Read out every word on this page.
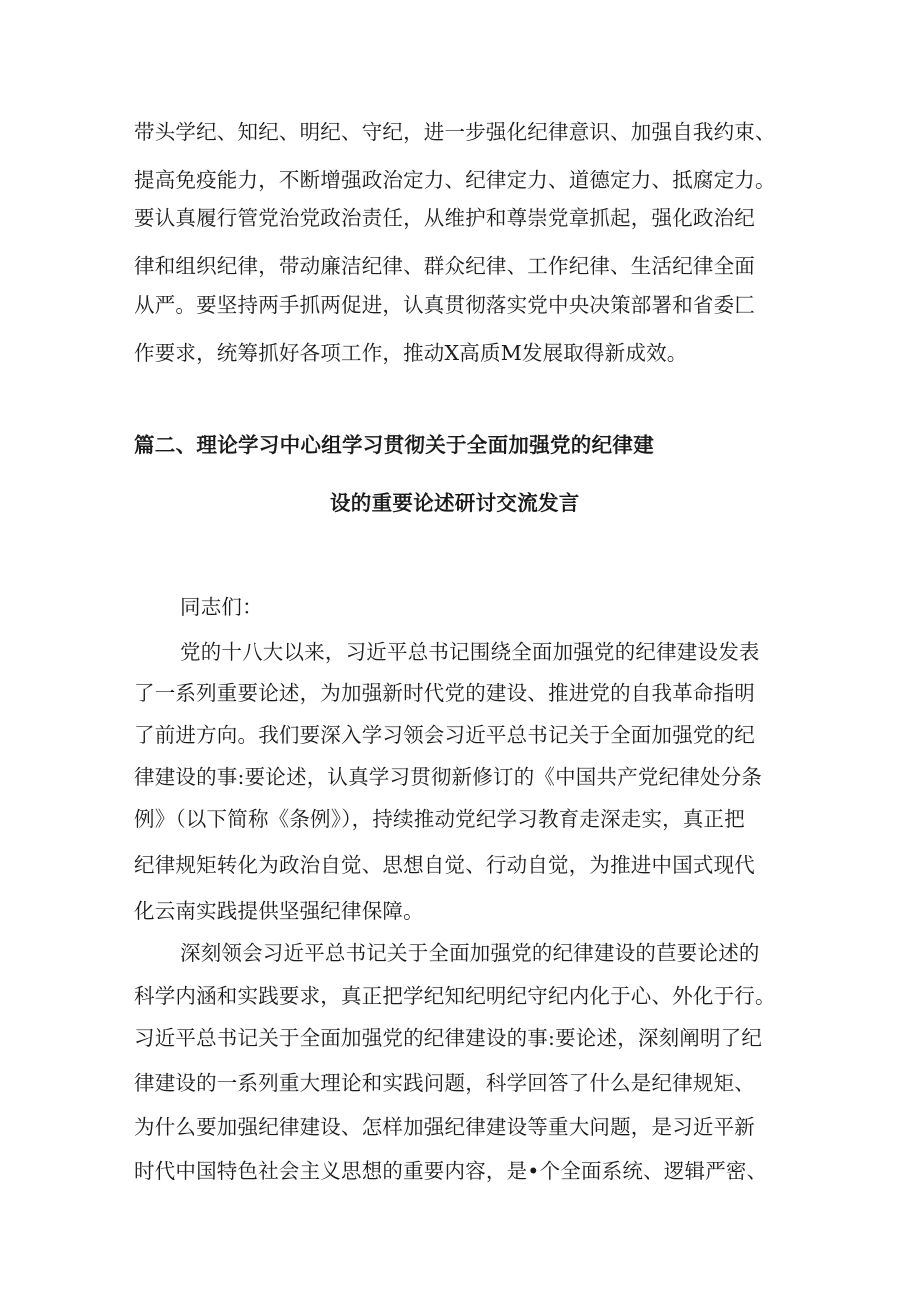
带头学纪、知纪、明纪、守纪，进一步强化纪律意识、加强自我约束、
提高免疫能力，不断增强政治定力、纪律定力、道德定力、抵腐定力。
要认真履行管党治党政治责任，从维护和尊崇党章抓起，强化政治纪
律和组织纪律，带动廉洁纪律、群众纪律、工作纪律、生活纪律全面
从严。要坚持两手抓两促进，认真贯彻落实党中央决策部署和省委匚
作要求，统筹抓好各项工作，推动X高质M发展取得新成效。
篇二、理论学习中心组学习贯彻关于全面加强党的纪律建
设的重要论述研讨交流发言
同志们：
党的十八大以来，习近平总书记围绕全面加强党的纪律建设发表
了一系列重要论述，为加强新时代党的建设、推进党的自我革命指明
了前进方向。我们要深入学习领会习近平总书记关于全面加强党的纪
律建设的事:要论述，认真学习贯彻新修订的《中国共产党纪律处分条
例》（以下简称《条例》），持续推动党纪学习教育走深走实，真正把
纪律规矩转化为政治自觉、思想自觉、行动自觉，为推进中国式现代
化云南实践提供坚强纪律保障。
深刻领会习近平总书记关于全面加强党的纪律建设的苣要论述的
科学内涵和实践要求，真正把学纪知纪明纪守纪内化于心、外化于行。
习近平总书记关于全面加强党的纪律建设的事:要论述，深刻阐明了纪
律建设的一系列重大理论和实践问题，科学回答了什么是纪律规矩、
为什么要加强纪律建设、怎样加强纪律建设等重大问题，是习近平新
时代中国特色社会主义思想的重要内容，是•个全面系统、逻辑严密、
